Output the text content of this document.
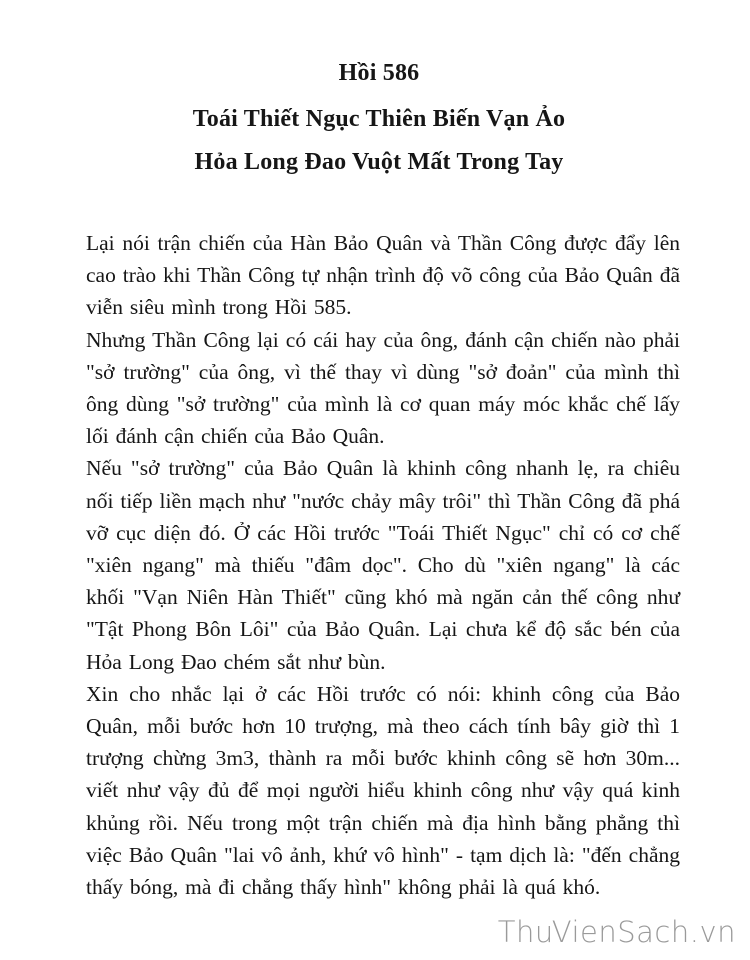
Hồi 586
Toái Thiết Ngục Thiên Biến Vạn Ảo
Hỏa Long Đao Vuột Mất Trong Tay

Lại nói trận chiến của Hàn Bảo Quân và Thần Công được đẩy lên cao trào khi Thần Công tự nhận trình độ võ công của Bảo Quân đã viễn siêu mình trong Hồi 585.

Nhưng Thần Công lại có cái hay của ông, đánh cận chiến nào phải "sở trường" của ông, vì thế thay vì dùng "sở đoản" của mình thì ông dùng "sở trường" của mình là cơ quan máy móc khắc chế lấy lối đánh cận chiến của Bảo Quân.

Nếu "sở trường" của Bảo Quân là khinh công nhanh lẹ, ra chiêu nối tiếp liền mạch như "nước chảy mây trôi" thì Thần Công đã phá vỡ cục diện đó. Ở các Hồi trước "Toái Thiết Ngục" chỉ có cơ chế "xiên ngang" mà thiếu "đâm dọc". Cho dù "xiên ngang" là các khối "Vạn Niên Hàn Thiết" cũng khó mà ngăn cản thế công như "Tật Phong Bôn Lôi" của Bảo Quân. Lại chưa kể độ sắc bén của Hỏa Long Đao chém sắt như bùn.

Xin cho nhắc lại ở các Hồi trước có nói: khinh công của Bảo Quân, mỗi bước hơn 10 trượng, mà theo cách tính bây giờ thì 1 trượng chừng 3m3, thành ra mỗi bước khinh công sẽ hơn 30m... viết như vậy đủ để mọi người hiểu khinh công như vậy quá kinh khủng rồi. Nếu trong một trận chiến mà địa hình bằng phẳng thì việc Bảo Quân "lai vô ảnh, khứ vô hình" - tạm dịch là: "đến chẳng thấy bóng, mà đi chẳng thấy hình" không phải là quá khó.

ThuVienSach.vn
